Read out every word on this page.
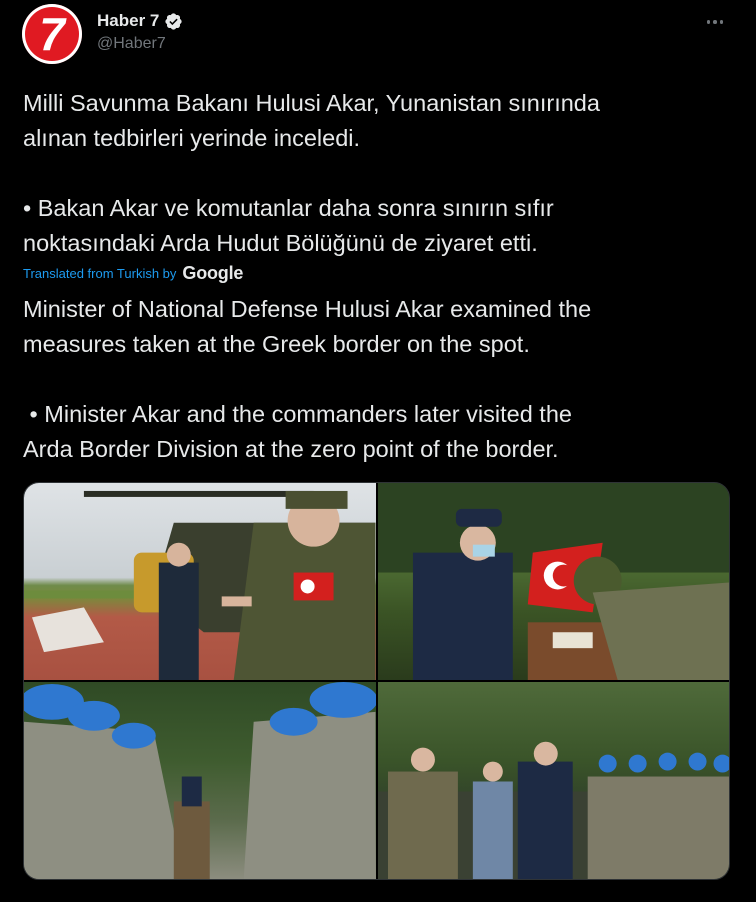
7 Haber 7
@Haber7
Milli Savunma Bakanı Hulusi Akar, Yunanistan sınırında
alınan tedbirleri yerinde inceledi.

• Bakan Akar ve komutanlar daha sonra sınırın sıfır
noktasındaki Arda Hudut Bölüğünü de ziyaret etti.
Translated from Turkish by Google
Minister of National Defense Hulusi Akar examined the
measures taken at the Greek border on the spot.

• Minister Akar and the commanders later visited the
Arda Border Division at the zero point of the border.
